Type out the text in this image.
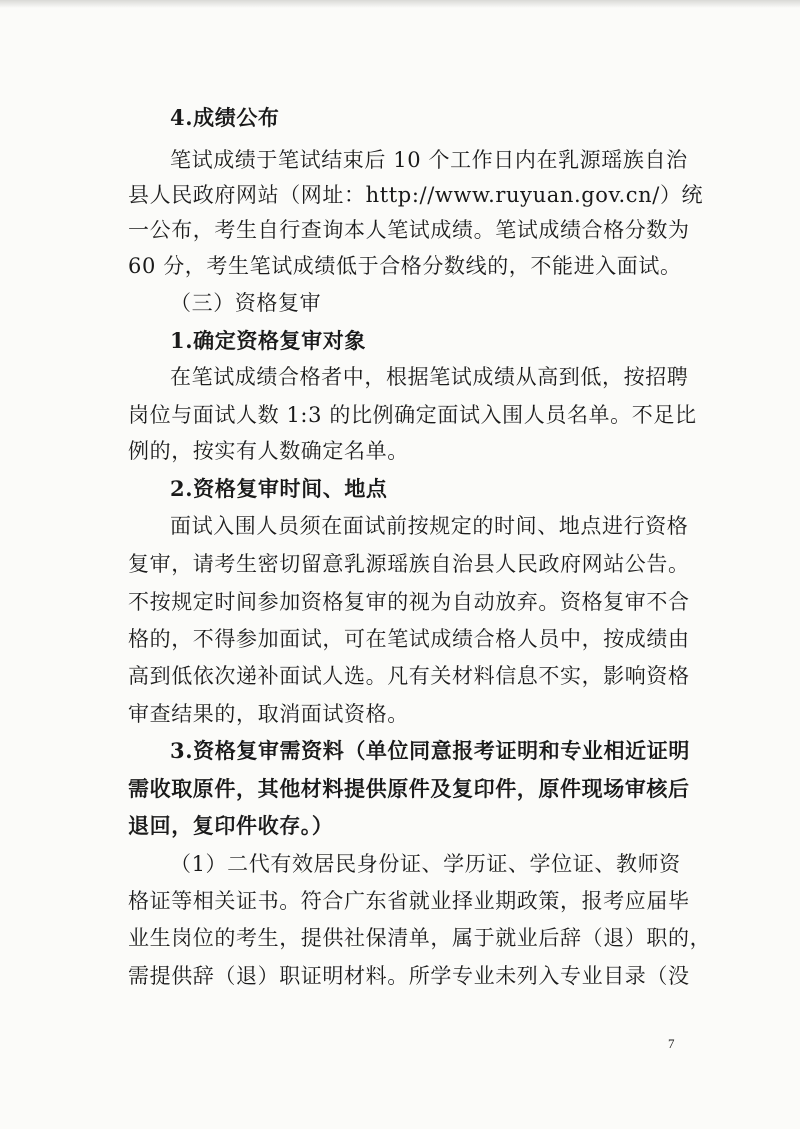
4.成绩公布
笔试成绩于笔试结束后 10 个工作日内在乳源瑶族自治
县人民政府网站（网址：http://www.ruyuan.gov.cn/）统
一公布，考生自行查询本人笔试成绩。笔试成绩合格分数为
60 分，考生笔试成绩低于合格分数线的，不能进入面试。
（三）资格复审
1.确定资格复审对象
在笔试成绩合格者中，根据笔试成绩从高到低，按招聘
岗位与面试人数 1:3 的比例确定面试入围人员名单。不足比
例的，按实有人数确定名单。
2.资格复审时间、地点
面试入围人员须在面试前按规定的时间、地点进行资格
复审，请考生密切留意乳源瑶族自治县人民政府网站公告。
不按规定时间参加资格复审的视为自动放弃。资格复审不合
格的，不得参加面试，可在笔试成绩合格人员中，按成绩由
高到低依次递补面试人选。凡有关材料信息不实，影响资格
审查结果的，取消面试资格。
3.资格复审需资料（单位同意报考证明和专业相近证明
需收取原件，其他材料提供原件及复印件，原件现场审核后
退回，复印件收存。）
（1）二代有效居民身份证、学历证、学位证、教师资
格证等相关证书。符合广东省就业择业期政策，报考应届毕
业生岗位的考生，提供社保清单，属于就业后辞（退）职的，
需提供辞（退）职证明材料。所学专业未列入专业目录（没
7
